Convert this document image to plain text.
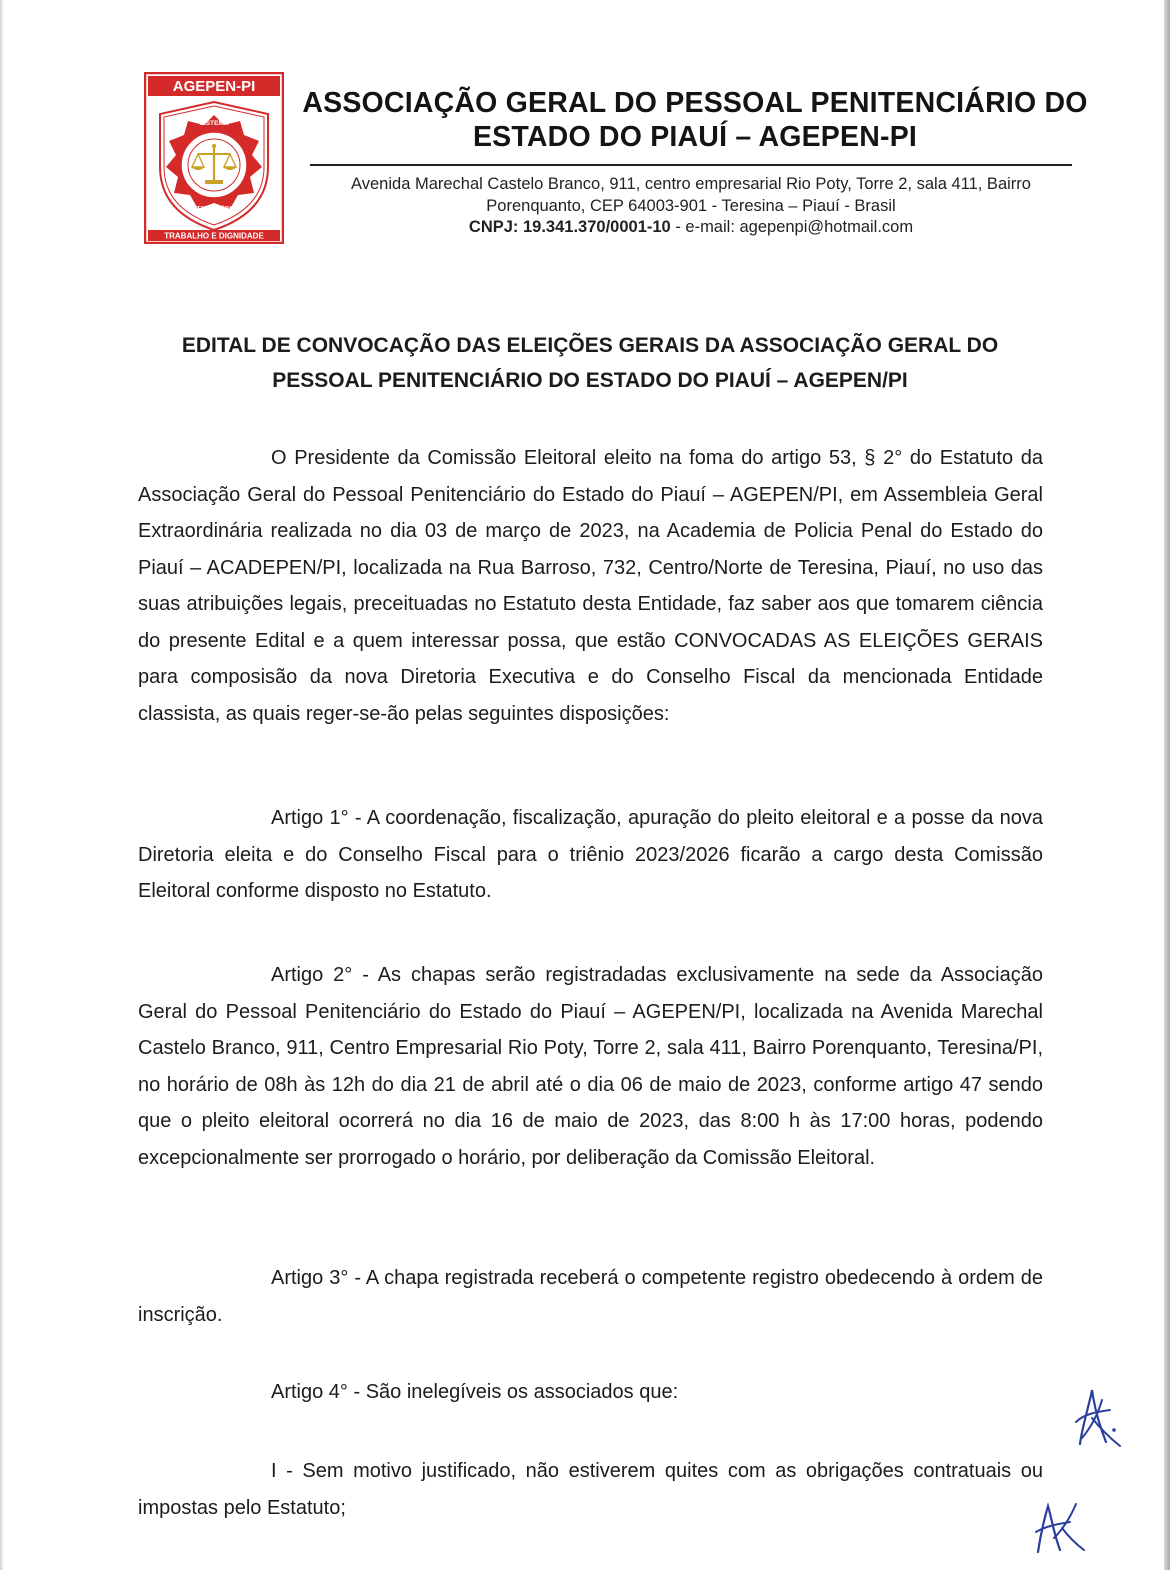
AGEPEN-PI
SISTEMA
PENITENCIÁRIO
TRABALHO E DIGNIDADE
ASSOCIAÇÃO GERAL DO PESSOAL PENITENCIÁRIO DO
ESTADO DO PIAUÍ – AGEPEN-PI
Avenida Marechal Castelo Branco, 911, centro empresarial Rio Poty, Torre 2, sala 411, Bairro
Porenquanto, CEP 64003-901 - Teresina – Piauí - Brasil
CNPJ: 19.341.370/0001-10 - e-mail: agepenpi@hotmail.com
EDITAL DE CONVOCAÇÃO DAS ELEIÇÕES GERAIS DA ASSOCIAÇÃO GERAL DO
PESSOAL PENITENCIÁRIO DO ESTADO DO PIAUÍ – AGEPEN/PI
O Presidente da Comissão Eleitoral eleito na foma do artigo 53, § 2° do Estatuto da Associação Geral do Pessoal Penitenciário do Estado do Piauí – AGEPEN/PI, em Assembleia Geral Extraordinária realizada no dia 03 de março de 2023, na Academia de Policia Penal do Estado do Piauí – ACADEPEN/PI, localizada na Rua Barroso, 732, Centro/Norte de Teresina, Piauí, no uso das suas atribuições legais, preceituadas no Estatuto desta Entidade, faz saber aos que tomarem ciência do presente Edital e a quem interessar possa, que estão CONVOCADAS AS ELEIÇÕES GERAIS para composisão da nova Diretoria Executiva e do Conselho Fiscal da mencionada Entidade classista, as quais reger-se-ão pelas seguintes disposições:
Artigo 1° - A coordenação, fiscalização, apuração do pleito eleitoral e a posse da nova Diretoria eleita e do Conselho Fiscal para o triênio 2023/2026 ficarão a cargo desta Comissão Eleitoral conforme disposto no Estatuto.
Artigo 2° - As chapas serão registradadas exclusivamente na sede da Associação Geral do Pessoal Penitenciário do Estado do Piauí – AGEPEN/PI, localizada na Avenida Marechal Castelo Branco, 911, Centro Empresarial Rio Poty, Torre 2, sala 411, Bairro Porenquanto, Teresina/PI, no horário de 08h às 12h do dia 21 de abril até o dia 06 de maio de 2023, conforme artigo 47 sendo que o pleito eleitoral ocorrerá no dia 16 de maio de 2023, das 8:00 h às 17:00 horas, podendo excepcionalmente ser prorrogado o horário, por deliberação da Comissão Eleitoral.
Artigo 3° - A chapa registrada receberá o competente registro obedecendo à ordem de inscrição.
Artigo 4° - São inelegíveis os associados que:
I - Sem motivo justificado, não estiverem quites com as obrigações contratuais ou impostas pelo Estatuto;
